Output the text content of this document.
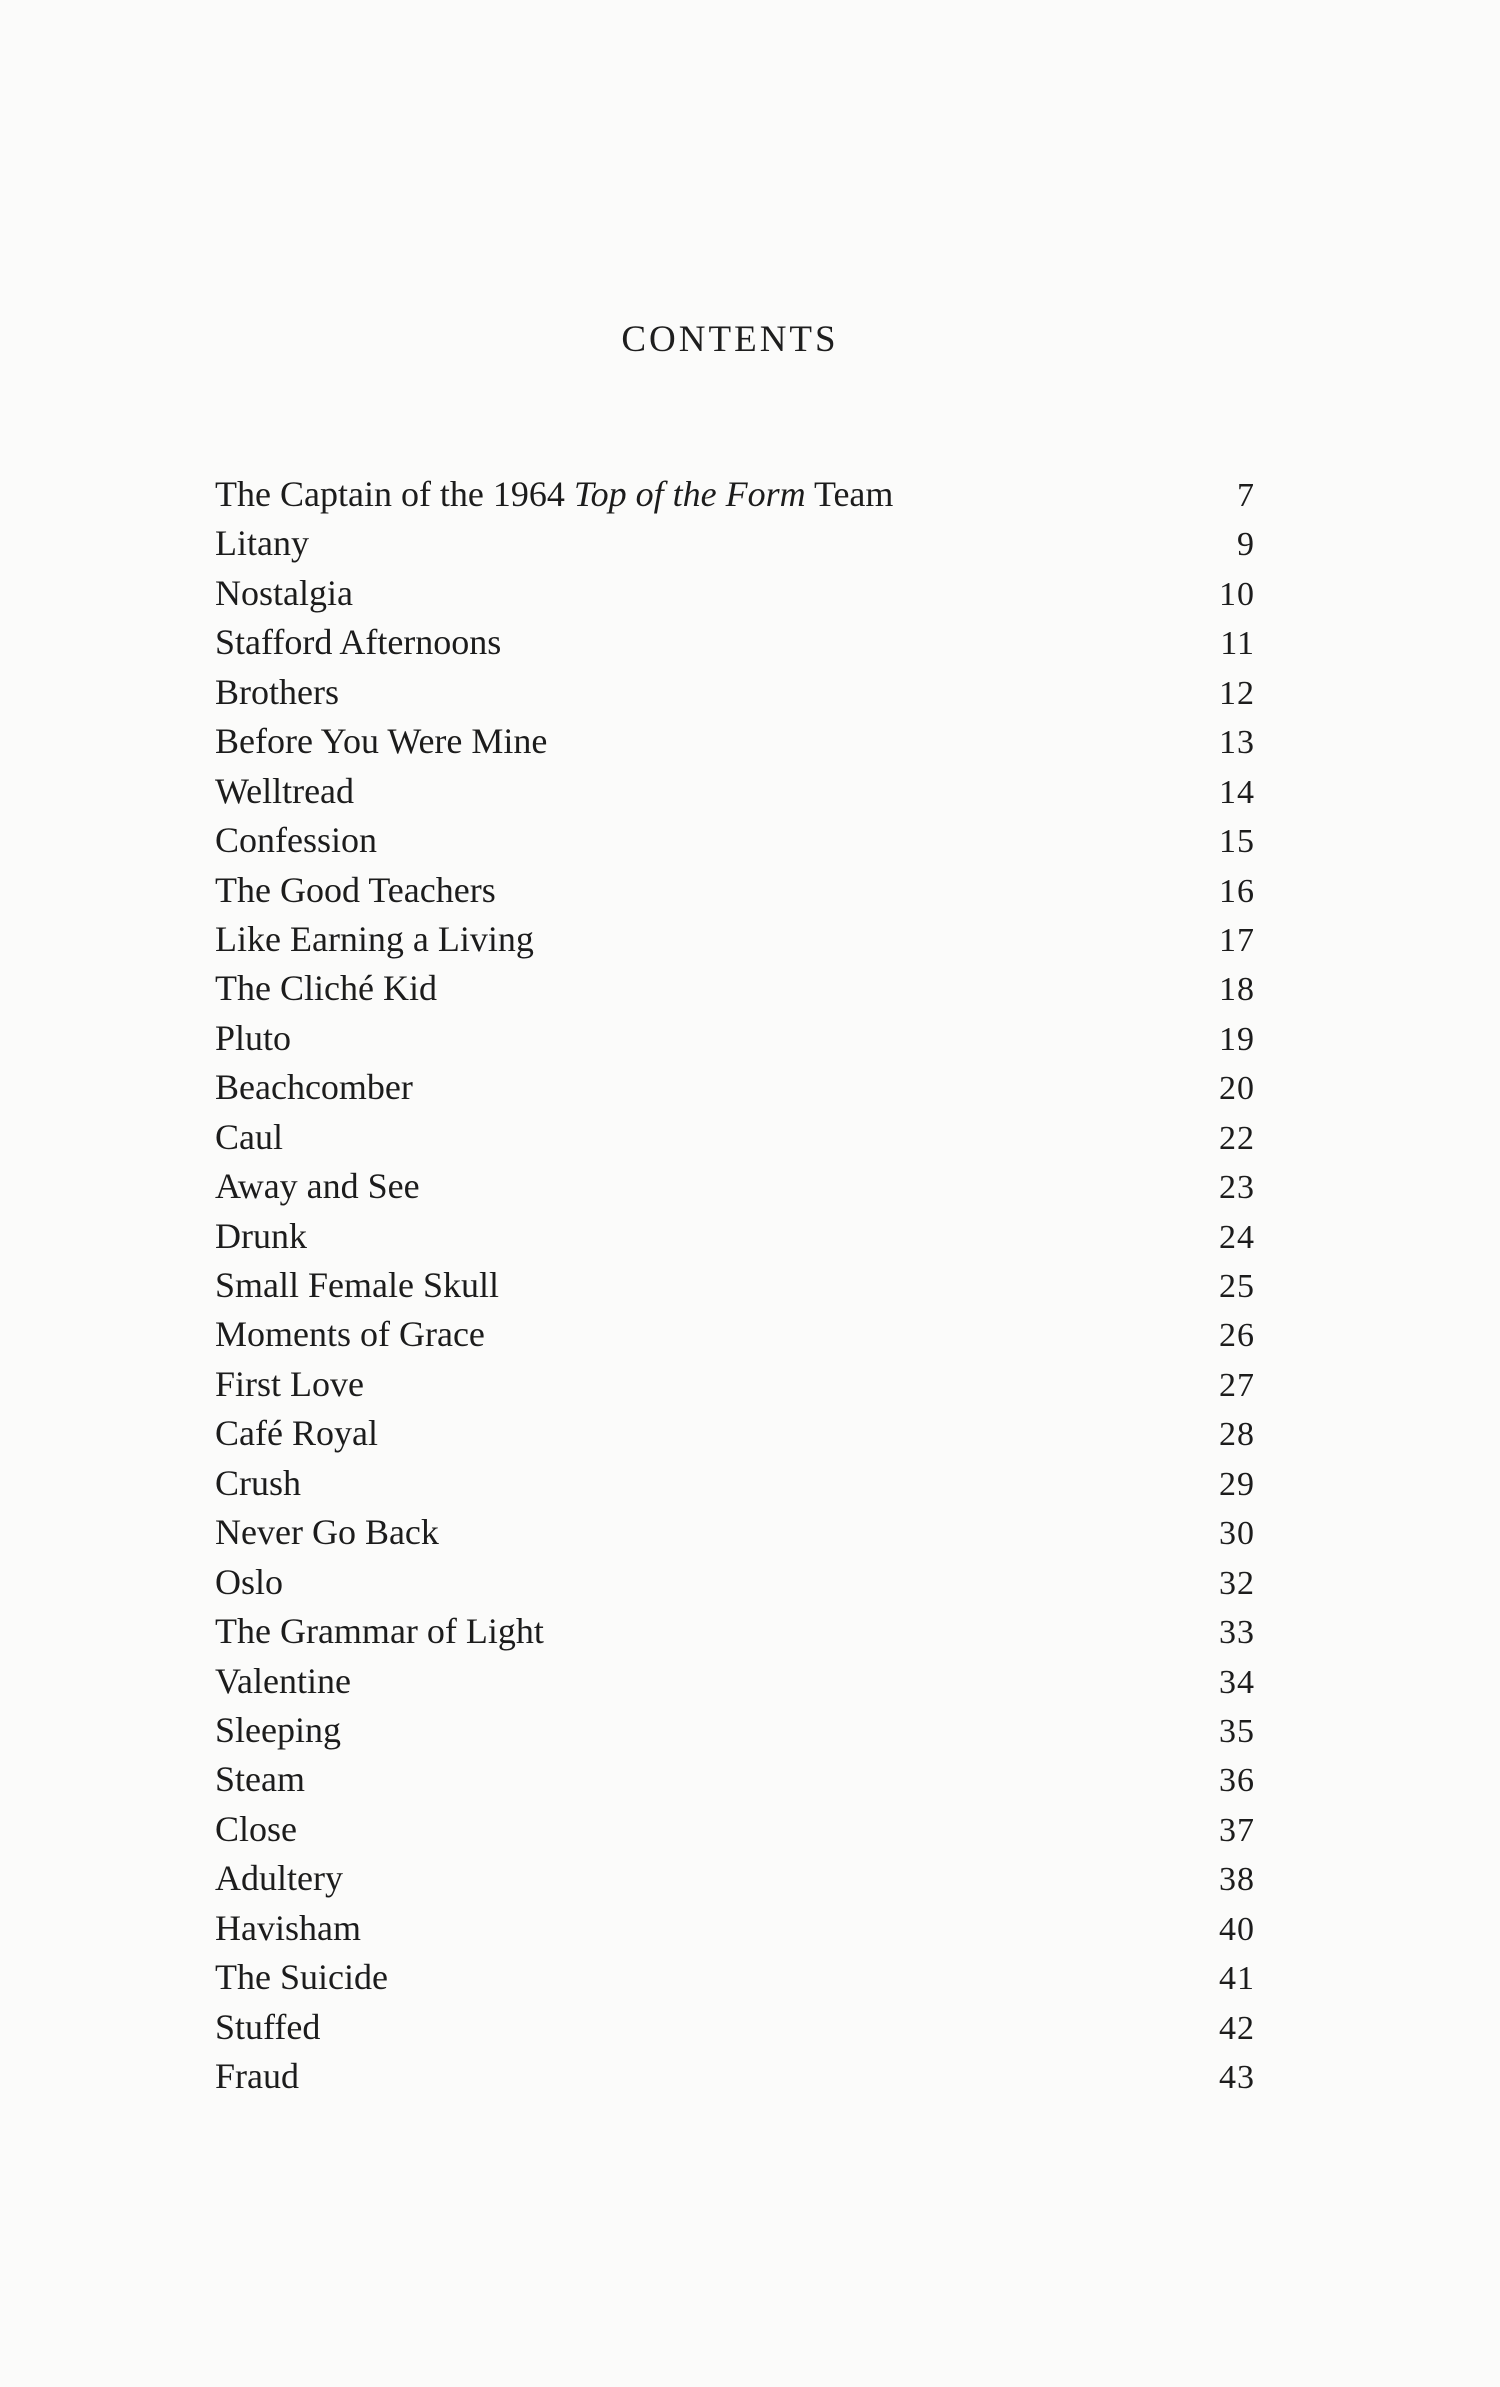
CONTENTS
The Captain of the 1964 Top of the Form Team	7
Litany	9
Nostalgia	10
Stafford Afternoons	11
Brothers	12
Before You Were Mine	13
Welltread	14
Confession	15
The Good Teachers	16
Like Earning a Living	17
The Cliché Kid	18
Pluto	19
Beachcomber	20
Caul	22
Away and See	23
Drunk	24
Small Female Skull	25
Moments of Grace	26
First Love	27
Café Royal	28
Crush	29
Never Go Back	30
Oslo	32
The Grammar of Light	33
Valentine	34
Sleeping	35
Steam	36
Close	37
Adultery	38
Havisham	40
The Suicide	41
Stuffed	42
Fraud	43
